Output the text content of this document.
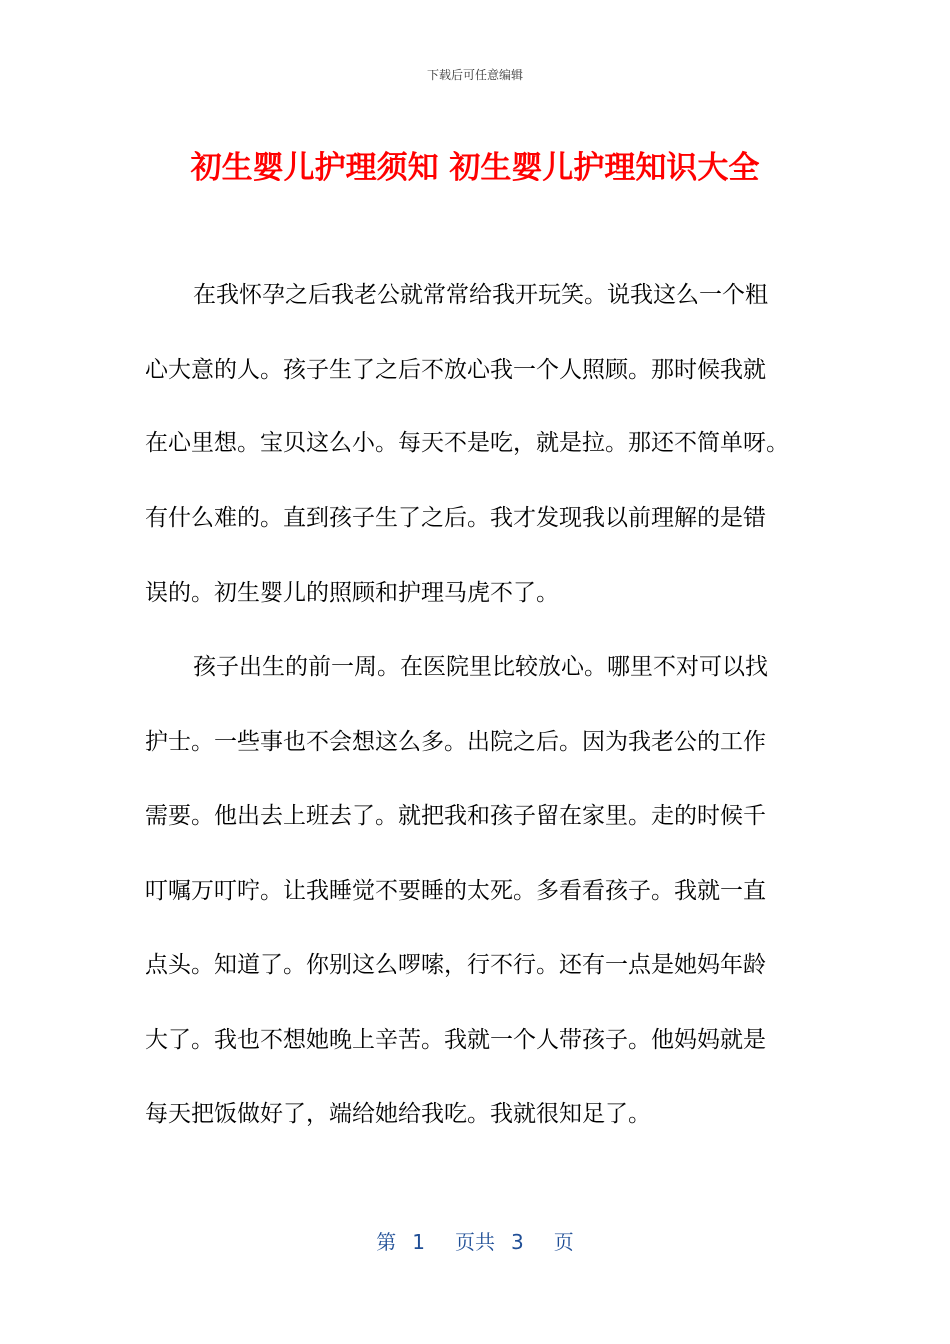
下载后可任意编辑
初生婴儿护理须知 初生婴儿护理知识大全
在我怀孕之后我老公就常常给我开玩笑。说我这么一个粗
心大意的人。孩子生了之后不放心我一个人照顾。那时候我就
在心里想。宝贝这么小。每天不是吃，就是拉。那还不简单呀。
有什么难的。直到孩子生了之后。我才发现我以前理解的是错
误的。初生婴儿的照顾和护理马虎不了。
孩子出生的前一周。在医院里比较放心。哪里不对可以找
护士。一些事也不会想这么多。出院之后。因为我老公的工作
需要。他出去上班去了。就把我和孩子留在家里。走的时候千
叮嘱万叮咛。让我睡觉不要睡的太死。多看看孩子。我就一直
点头。知道了。你别这么啰嗦，行不行。还有一点是她妈年龄
大了。我也不想她晚上辛苦。我就一个人带孩子。他妈妈就是
每天把饭做好了，端给她给我吃。我就很知足了。
第 1 页共 3 页
